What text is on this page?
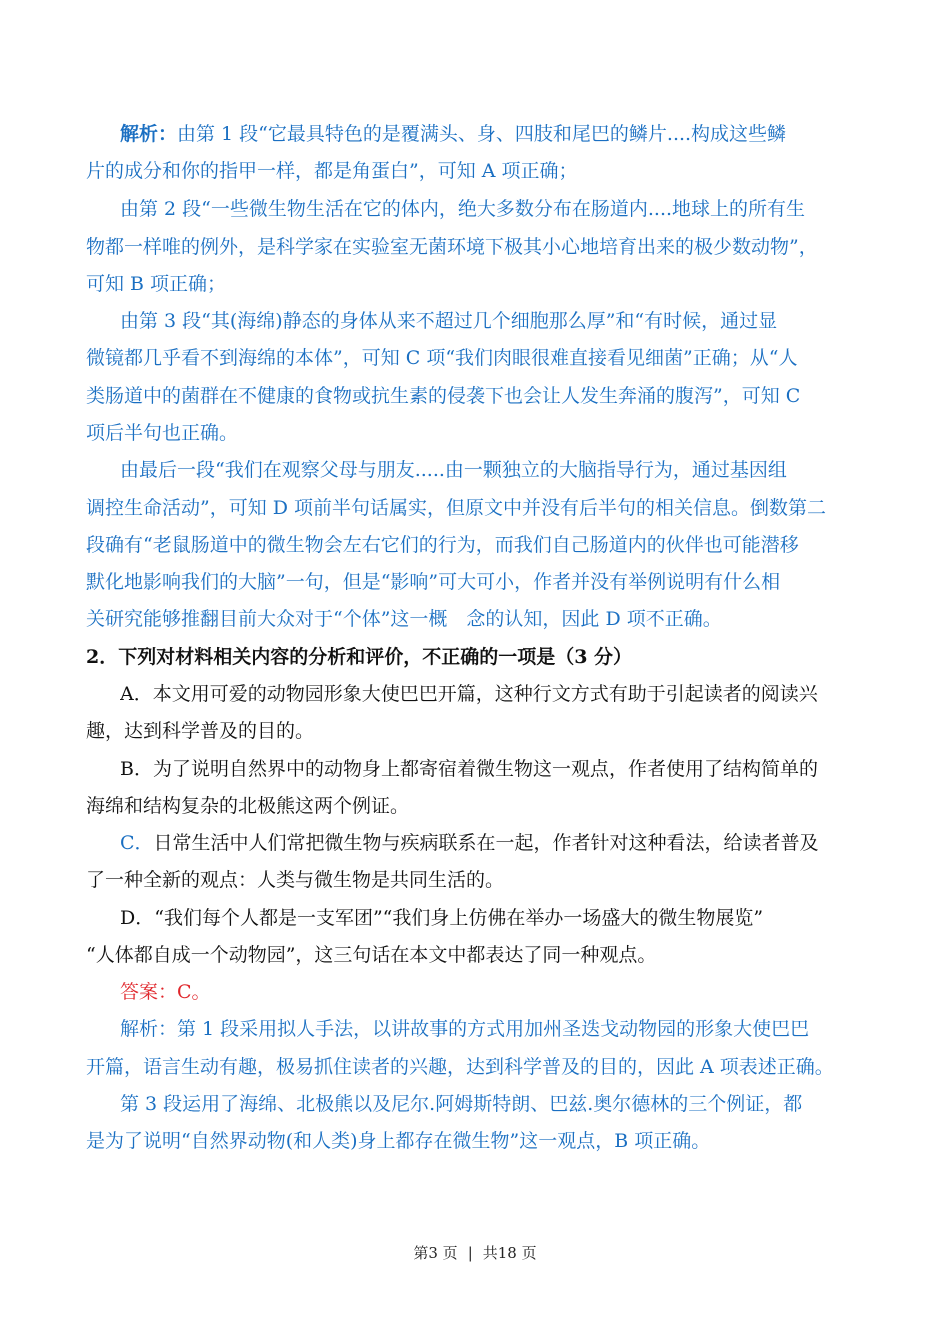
解析：由第 1 段“它最具特色的是覆满头、身、四肢和尾巴的鳞片....构成这些鳞
片的成分和你的指甲一样，都是角蛋白”，可知 A 项正确；
由第 2 段“一些微生物生活在它的体内，绝大多数分布在肠道内....地球上的所有生
物都一样唯的例外，是科学家在实验室无菌环境下极其小心地培育出来的极少数动物”，
可知 B 项正确；
由第 3 段“其(海绵)静态的身体从来不超过几个细胞那么厚”和“有时候，通过显
微镜都几乎看不到海绵的本体”，可知 C 项“我们肉眼很难直接看见细菌”正确；从“人
类肠道中的菌群在不健康的食物或抗生素的侵袭下也会让人发生奔涌的腹泻”，可知 C
项后半句也正确。
由最后一段“我们在观察父母与朋友.....由一颗独立的大脑指导行为，通过基因组
调控生命活动”，可知 D 项前半句话属实，但原文中并没有后半句的相关信息。倒数第二
段确有“老鼠肠道中的微生物会左右它们的行为，而我们自己肠道内的伙伴也可能潜移
默化地影响我们的大脑”一句，但是“影响”可大可小，作者并没有举例说明有什么相
关研究能够推翻目前大众对于“个体”这一概　念的认知，因此 D 项不正确。
2．下列对材料相关内容的分析和评价，不正确的一项是（3 分）
A．本文用可爱的动物园形象大使巴巴开篇，这种行文方式有助于引起读者的阅读兴
趣，达到科学普及的目的。
B．为了说明自然界中的动物身上都寄宿着微生物这一观点，作者使用了结构简单的
海绵和结构复杂的北极熊这两个例证。
C．日常生活中人们常把微生物与疾病联系在一起，作者针对这种看法，给读者普及
了一种全新的观点：人类与微生物是共同生活的。
D．“我们每个人都是一支军团”“我们身上仿佛在举办一场盛大的微生物展览”
“人体都自成一个动物园”，这三句话在本文中都表达了同一种观点。
答案：C。
解析：第 1 段采用拟人手法，以讲故事的方式用加州圣迭戈动物园的形象大使巴巴
开篇，语言生动有趣，极易抓住读者的兴趣，达到科学普及的目的，因此 A 项表述正确。
第 3 段运用了海绵、北极熊以及尼尔.阿姆斯特朗、巴兹.奥尔德林的三个例证，都
是为了说明“自然界动物(和人类)身上都存在微生物”这一观点，B 项正确。
第3 页 | 共18 页
